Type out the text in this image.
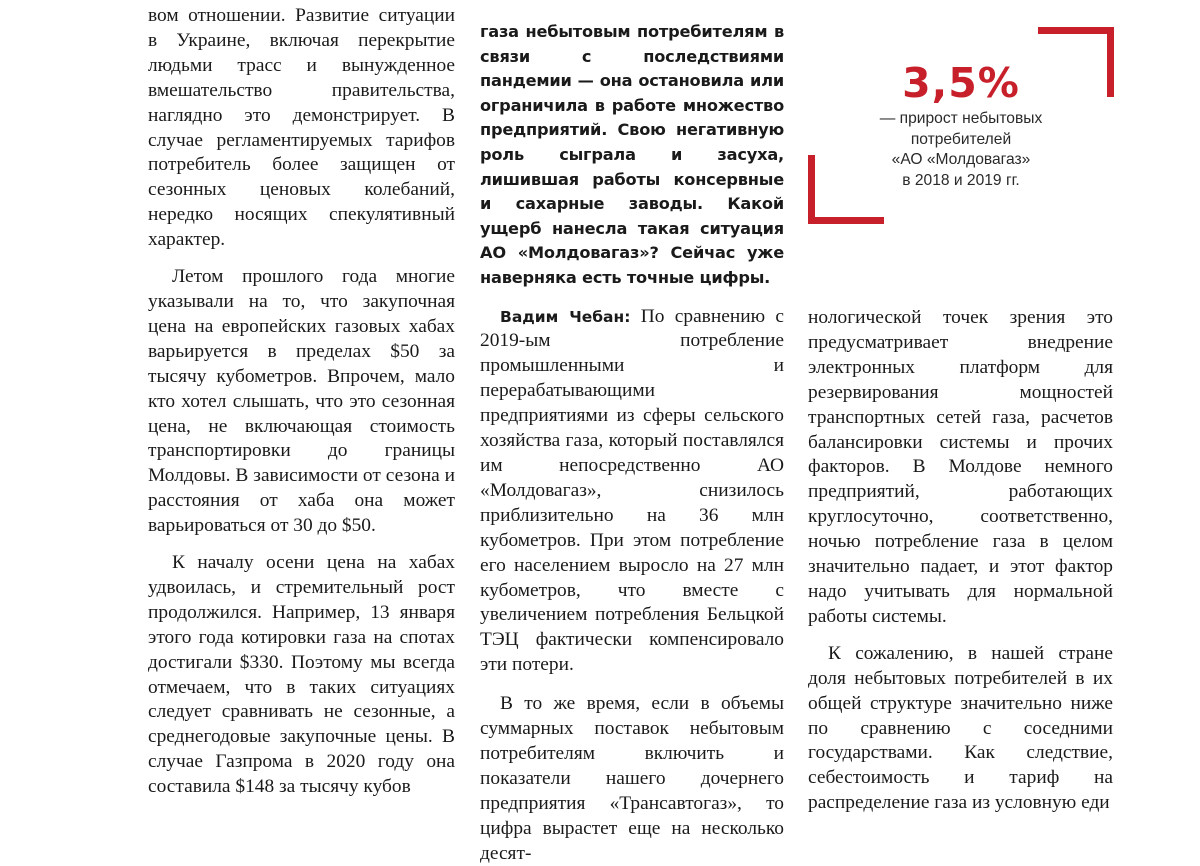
вом отношении. Развитие ситуации в Украине, включая перекрытие людьми трасс и вынужденное вмешательство правительства, наглядно это демонстрирует. В случае регламентируемых тарифов потребитель более защищен от сезонных ценовых колебаний, нередко носящих спекулятивный характер.

Летом прошлого года многие указывали на то, что закупочная цена на европейских газовых хабах варьируется в пределах $50 за тысячу кубометров. Впрочем, мало кто хотел слышать, что это сезонная цена, не включающая стоимость транспортировки до границы Молдовы. В зависимости от сезона и расстояния от хаба она может варьироваться от 30 до $50.

К началу осени цена на хабах удвоилась, и стремительный рост продолжился. Например, 13 января этого года котировки газа на спотах достигали $330. Поэтому мы всегда отмечаем, что в таких ситуациях следует сравнивать не сезонные, а среднегодовые закупочные цены. В случае Газпрома в 2020 году она составила $148 за тысячу кубов

газа небытовым потребителям в связи с последствиями пандемии — она остановила или ограничила в работе множество предприятий. Свою негативную роль сыграла и засуха, лишившая работы консервные и сахарные заводы. Какой ущерб нанесла такая ситуация АО «Молдовагаз»? Сейчас уже наверняка есть точные цифры.

Вадим Чебан: По сравнению с 2019-ым потребление промышленными и перерабатывающими предприятиями из сферы сельского хозяйства газа, который поставлялся им непосредственно АО «Молдовагаз», снизилось приблизительно на 36 млн кубометров. При этом потребление его населением выросло на 27 млн кубометров, что вместе с увеличением потребления Бельцкой ТЭЦ фактически компенсировало эти потери.

В то же время, если в объемы суммарных поставок небытовым потребителям включить и показатели нашего дочернего предприятия «Трансавтогаз», то цифра вырастет еще на несколько десят-

нологической точек зрения это предусматривает внедрение электронных платформ для резервирования мощностей транспортных сетей газа, расчетов балансировки системы и прочих факторов. В Молдове немного предприятий, работающих круглосуточно, соответственно, ночью потребление газа в целом значительно падает, и этот фактор надо учитывать для нормальной работы системы.

К сожалению, в нашей стране доля небытовых потребителей в их общей структуре значительно ниже по сравнению с соседними государствами. Как следствие, себестоимость и тариф на распределение газа из условную еди

3,5%
— прирост небытовых
потребителей
«АО «Молдовагаз»
в 2018 и 2019 гг.
